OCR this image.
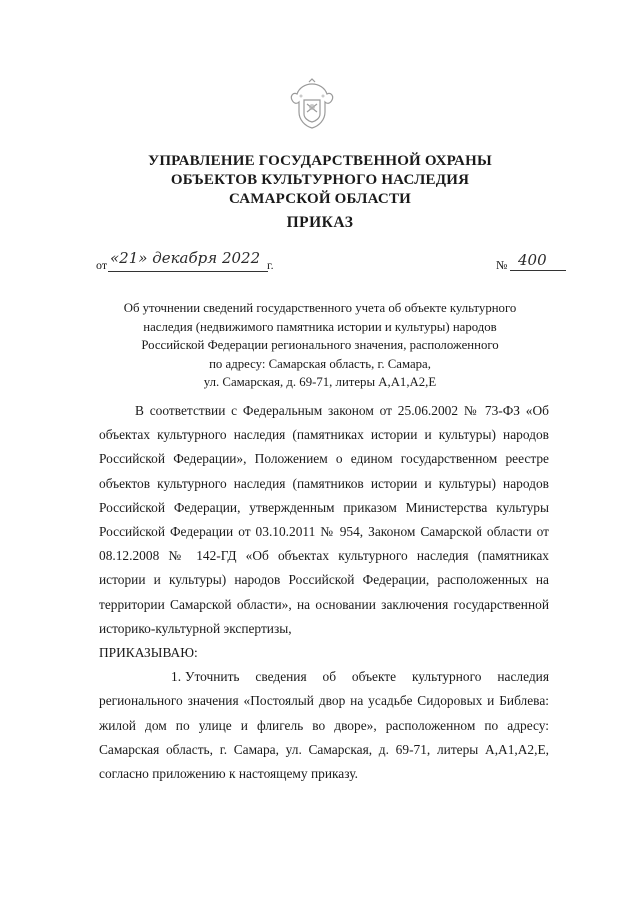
УПРАВЛЕНИЕ ГОСУДАРСТВЕННОЙ ОХРАНЫ
ОБЪЕКТОВ КУЛЬТУРНОГО НАСЛЕДИЯ
САМАРСКОЙ ОБЛАСТИ
ПРИКАЗ
от «21» декабря 2022 г.	№ 400
Об уточнении сведений государственного учета об объекте культурного
наследия (недвижимого памятника истории и культуры) народов
Российской Федерации регионального значения, расположенного
по адресу: Самарская область, г. Самара,
ул. Самарская, д. 69-71, литеры А,А1,А2,Е

В соответствии с Федеральным законом от 25.06.2002 № 73-ФЗ «Об объектах культурного наследия (памятниках истории и культуры) народов Российской Федерации», Положением о едином государственном реестре объектов культурного наследия (памятников истории и культуры) народов Российской Федерации, утвержденным приказом Министерства культуры Российской Федерации от 03.10.2011 № 954, Законом Самарской области от 08.12.2008 № 142-ГД «Об объектах культурного наследия (памятниках истории и культуры) народов Российской Федерации, расположенных на территории Самарской области», на основании заключения государственной историко-культурной экспертизы,

ПРИКАЗЫВАЮ:

1. Уточнить сведения об объекте культурного наследия регионального значения «Постоялый двор на усадьбе Сидоровых и Библева: жилой дом по улице и флигель во дворе», расположенном по адресу: Самарская область, г. Самара, ул. Самарская, д. 69-71, литеры А,А1,А2,Е, согласно приложению к настоящему приказу.
